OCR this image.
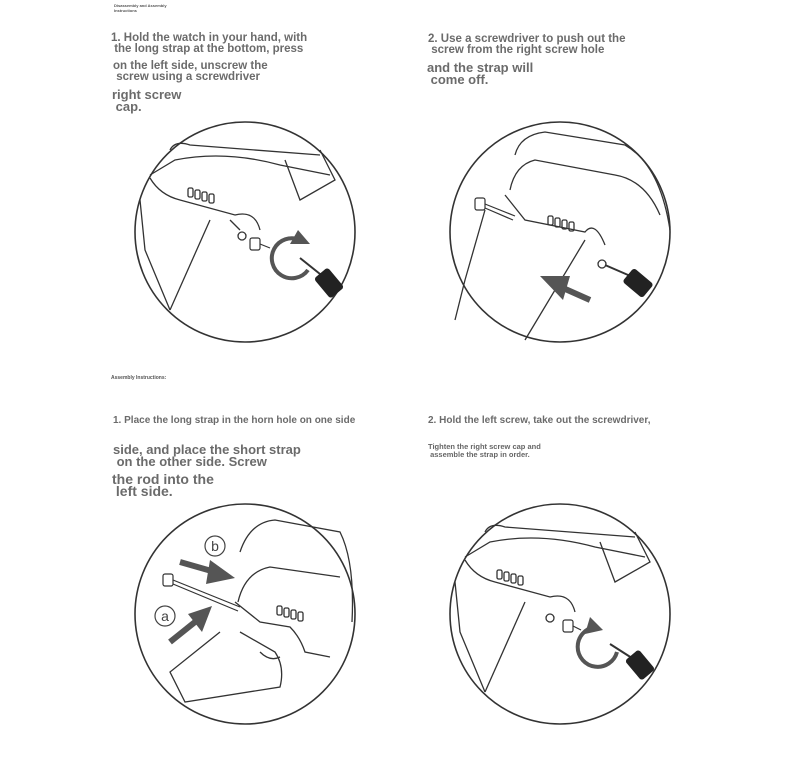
Disassembly and Assembly
Instructions
1. Hold the watch in your hand, with
the long strap at the bottom, press
on the left side, unscrew the
screw using a screwdriver
right screw
cap.
2. Use a screwdriver to push out the
screw from the right screw hole
and the strap will
come off.
Assembly Instructions:
1. Place the long strap in the horn hole on one side
side, and place the short strap
on the other side. Screw
the rod into the
left side.
2. Hold the left screw, take out the screwdriver,
Tighten the right screw cap and
assemble the strap in order.
b
a
